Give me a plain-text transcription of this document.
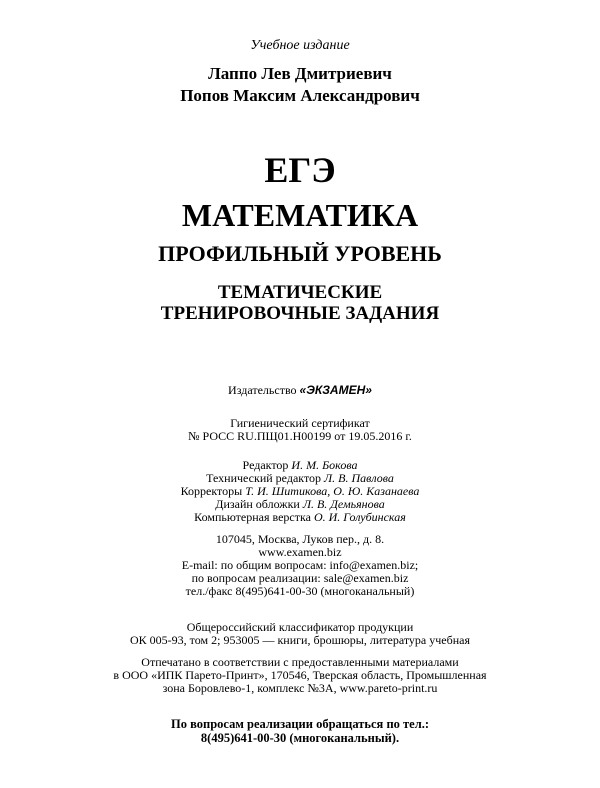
Учебное издание
Лаппо Лев Дмитриевич
Попов Максим Александрович
ЕГЭ
МАТЕМАТИКА
ПРОФИЛЬНЫЙ УРОВЕНЬ
ТЕМАТИЧЕСКИЕ
ТРЕНИРОВОЧНЫЕ ЗАДАНИЯ
Издательство «ЭКЗАМЕН»
Гигиенический сертификат
№ РОСС RU.ПЩ01.Н00199 от 19.05.2016 г.
Редактор И. М. Бокова
Технический редактор Л. В. Павлова
Корректоры Т. И. Шитикова, О. Ю. Казанаева
Дизайн обложки Л. В. Демьянова
Компьютерная верстка О. И. Голубинская
107045, Москва, Луков пер., д. 8.
www.examen.biz
E-mail: по общим вопросам: info@examen.biz;
по вопросам реализации: sale@examen.biz
тел./факс 8(495)641-00-30 (многоканальный)
Общероссийский классификатор продукции
ОК 005-93, том 2; 953005 — книги, брошюры, литература учебная
Отпечатано в соответствии с предоставленными материалами
в ООО «ИПК Парето-Принт», 170546, Тверская область, Промышленная
зона Боровлево-1, комплекс №3А, www.pareto-print.ru
По вопросам реализации обращаться по тел.:
8(495)641-00-30 (многоканальный).
